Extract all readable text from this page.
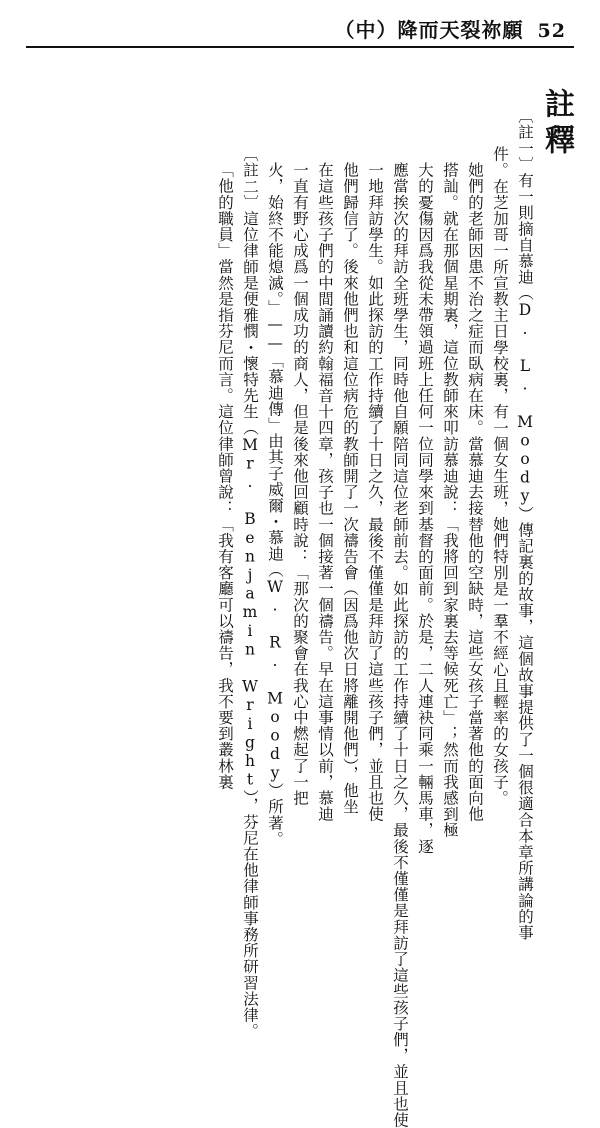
（中）降而天裂祢願 52
註釋
〔註一〕有一則摘自慕迪（D. L. Moody）傳記裏的故事，這個故事提供了一個很適合本章所講論的事
件。在芝加哥一所宣教主日學校裏，有一個女生班，她們特別是一羣不經心且輕率的女孩子。
她們的老師因患不治之症而臥病在床。當慕迪去接替他的空缺時，這些女孩子當著他的面向他
搭訕。就在那個星期裏，這位教師來叩訪慕迪說：「我將回到家裏去等候死亡」；然而我感到極
大的憂傷因爲我從未帶領過班上任何一位同學來到基督的面前。於是，二人連袂同乘一輛馬車，逐
應當挨次的拜訪全班學生，同時他自願陪同這位老師前去。如此探訪的工作持續了十日之久，最後不僅僅是拜訪了這些孩子們，並且也使
一地拜訪學生。如此探訪的工作持續了十日之久，最後不僅僅是拜訪了這些孩子們，並且也使
他們歸信了。後來他們也和這位病危的教師開了一次禱告會（因爲他次日將離開他們），他坐
在這些孩子們的中間誦讀約翰福音十四章，孩子也一個接著一個禱告。早在這事情以前，慕迪
一直有野心成爲一個成功的商人，但是後來他回顧時說：「那次的聚會在我心中燃起了一把
火，始終不能熄滅。」——「慕迪傳」由其子威爾・慕迪（W. R. Moody）所著。
〔註二〕這位律師是便雅憫・懷特先生（Mr. Benjamin Wright），芬尼在他律師事務所研習法律。
「他的職員」當然是指芬尼而言。這位律師曾說：「我有客廳可以禱告，我不要到叢林裏
